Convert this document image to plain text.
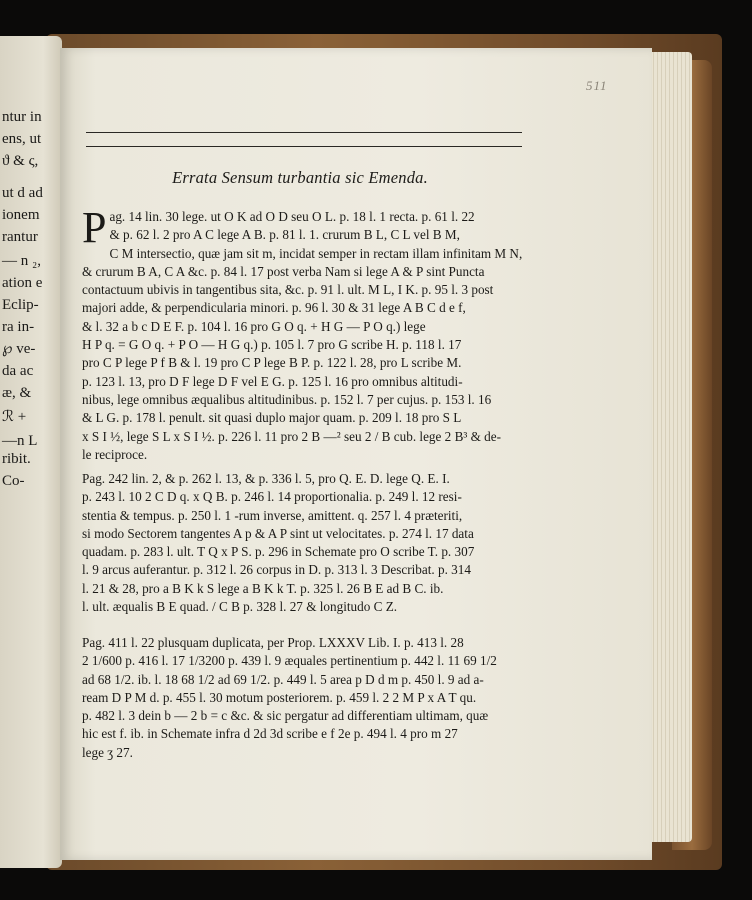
ntur in
ens, ut
ϑ & ς,
ut d ad
ionem
rantur
— n ₂,
ation e
Eclip-
ra in-
℘ ve-
da ac
æ, &
ℛ +
—n L
ribit.
Co-
511
Errata Sensum turbantia sic Emenda.
P ag. 14 lin. 30 lege. ut O K ad O D seu O L. p. 18 l. 1 recta. p. 61 l. 22
& p. 62 l. 2 pro A C lege A B. p. 81 l. 1. crurum B L, C L vel B M,
C M intersectio, quæ jam sit m, incidat semper in rectam illam infinitam M N,
& crurum B A, C A &c. p. 84 l. 17 post verba Nam si lege A & P sint Puncta
contactuum ubivis in tangentibus sita, &c. p. 91 l. ult. M L, I K. p. 95 l. 3 post
majori adde, & perpendicularia minori. p. 96 l. 30 & 31 lege A B C d e f,
& l. 32 a b c D E F. p. 104 l. 16 pro G O q. + H G — P O q.) lege
H P q. = G O q. + P O — H G q.) p. 105 l. 7 pro G scribe H. p. 118 l. 17
pro C P lege P f B & l. 19 pro C P lege B P. p. 122 l. 28, pro L scribe M.
p. 123 l. 13, pro D F lege D F vel E G. p. 125 l. 16 pro omnibus altitudi-
nibus, lege omnibus æqualibus altitudinibus. p. 152 l. 7 per cujus. p. 153 l. 16
& L G. p. 178 l. penult. sit quasi duplo major quam. p. 209 l. 18 pro S L
x S I ½, lege S L x S I ½. p. 226 l. 11 pro 2 B —² seu 2 / B cub. lege 2 B³ & de-
le reciproce.
Pag. 242 lin. 2, & p. 262 l. 13, & p. 336 l. 5, pro Q. E. D. lege Q. E. I.
p. 243 l. 10 2 C D q. x Q B. p. 246 l. 14 proportionalia. p. 249 l. 12 resi-
stentia & tempus. p. 250 l. 1 -rum inverse, amittent. q. 257 l. 4 præteriti,
si modo Sectorem tangentes A p & A P sint ut velocitates. p. 274 l. 17 data
quadam. p. 283 l. ult. T Q x P S. p. 296 in Schemate pro O scribe T. p. 307
l. 9 arcus auferantur. p. 312 l. 26 corpus in D. p. 313 l. 3 Describat. p. 314
l. 21 & 28, pro a B K k S lege a B K k T. p. 325 l. 26 B E ad B C. ib.
l. ult. æqualis B E quad. / C B p. 328 l. 27 & longitudo C Z.
Pag. 411 l. 22 plusquam duplicata, per Prop. LXXXV Lib. I. p. 413 l. 28
2 1/600 p. 416 l. 17 1/3200 p. 439 l. 9 æquales pertinentium p. 442 l. 11 69 1/2
ad 68 1/2. ib. l. 18 68 1/2 ad 69 1/2. p. 449 l. 5 area p D d m p. 450 l. 9 ad a-
ream D P M d. p. 455 l. 30 motum posteriorem. p. 459 l. 2 2 M P x A T qu.
p. 482 l. 3 dein b — 2 b = c &c. & sic pergatur ad differentiam ultimam, quæ
hic est f. ib. in Schemate infra d 2d 3d scribe e f 2e p. 494 l. 4 pro m 27
lege ʒ 27.
